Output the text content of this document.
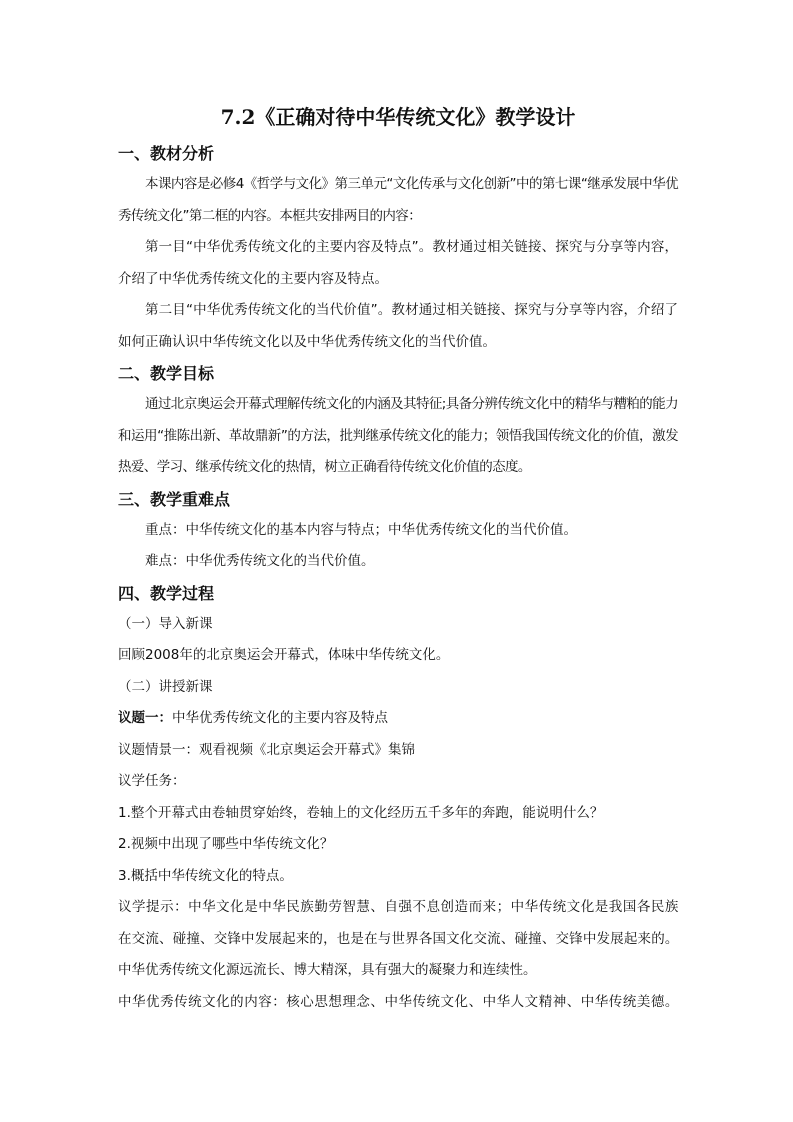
7.2《正确对待中华传统文化》教学设计
一、教材分析
本课内容是必修4《哲学与文化》第三单元“文化传承与文化创新”中的第七课“继承发展中华优秀传统文化”第二框的内容。本框共安排两目的内容：
第一目“中华优秀传统文化的主要内容及特点”。教材通过相关链接、探究与分享等内容，介绍了中华优秀传统文化的主要内容及特点。
第二目“中华优秀传统文化的当代价值”。教材通过相关链接、探究与分享等内容，介绍了如何正确认识中华传统文化以及中华优秀传统文化的当代价值。
二、教学目标
通过北京奥运会开幕式理解传统文化的内涵及其特征;具备分辨传统文化中的精华与糟粕的能力和运用“推陈出新、革故鼎新”的方法，批判继承传统文化的能力；领悟我国传统文化的价值，激发热爱、学习、继承传统文化的热情，树立正确看待传统文化价值的态度。
三、教学重难点
重点：中华传统文化的基本内容与特点；中华优秀传统文化的当代价值。
难点：中华优秀传统文化的当代价值。
四、教学过程
（一）导入新课
回顾2008年的北京奥运会开幕式，体味中华传统文化。
（二）讲授新课
议题一：中华优秀传统文化的主要内容及特点
议题情景一：观看视频《北京奥运会开幕式》集锦
议学任务：
1.整个开幕式由卷轴贯穿始终，卷轴上的文化经历五千多年的奔跑，能说明什么？
2.视频中出现了哪些中华传统文化？
3.概括中华传统文化的特点。
议学提示：中华文化是中华民族勤劳智慧、自强不息创造而来；中华传统文化是我国各民族
在交流、碰撞、交锋中发展起来的，也是在与世界各国文化交流、碰撞、交锋中发展起来的。
中华优秀传统文化源远流长、博大精深，具有强大的凝聚力和连续性。
中华优秀传统文化的内容：核心思想理念、中华传统文化、中华人文精神、中华传统美德。
